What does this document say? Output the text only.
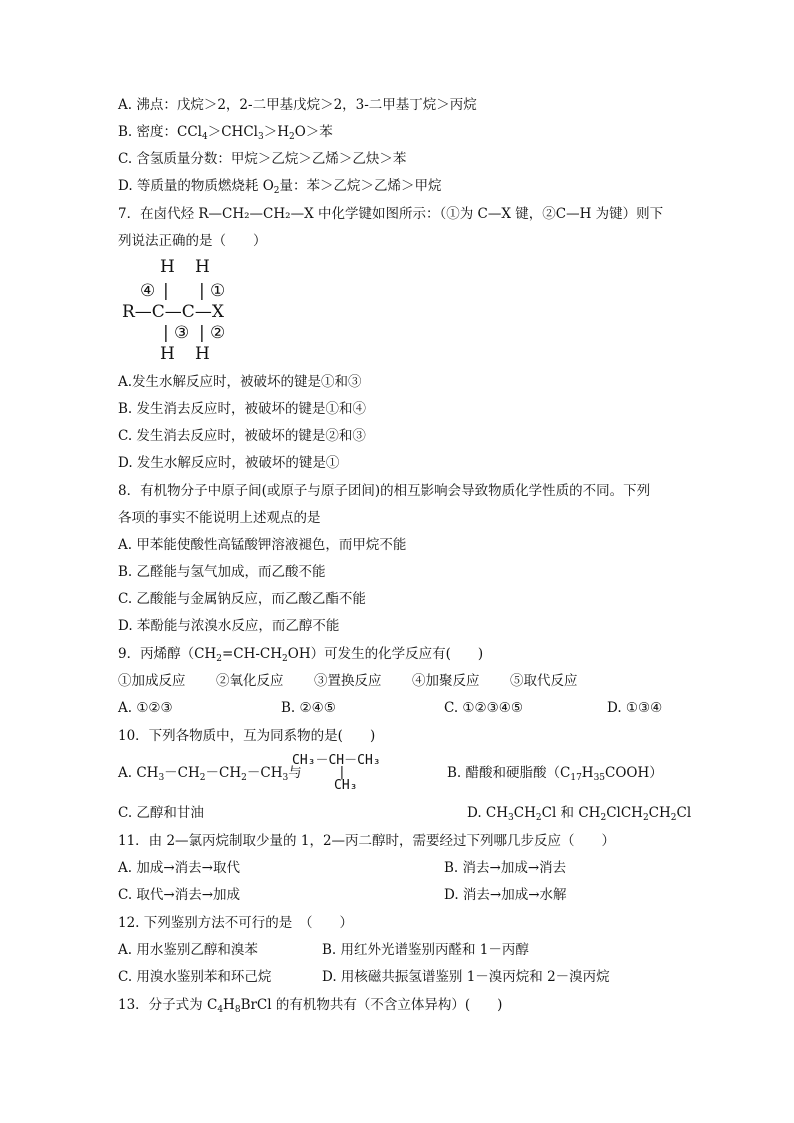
A. 沸点：戊烷＞2，2-二甲基戊烷＞2，3-二甲基丁烷＞丙烷
B. 密度：$CCl_4>CHCl_3>H_2O>$苯
C. 含氢质量分数：甲烷＞乙烷＞乙烯＞乙炔＞苯
D. 等质量的物质燃烧耗 $O_2$量：苯＞乙烷＞乙烯＞甲烷
7．在卤代烃 R—CH₂—CH₂—X 中化学键如图所示：（①为 C—X 键，②C—H 为键）则下
列说法正确的是（　　）
H H
④ | | ①
R—C—C—X
| ③ | ②
H H
A.发生水解反应时，被破坏的键是①和③
B. 发生消去反应时，被破坏的键是①和④
C. 发生消去反应时，被破坏的键是②和③
D. 发生水解反应时，被破坏的键是①
8．有机物分子中原子间(或原子与原子团间)的相互影响会导致物质化学性质的不同。下列
各项的事实不能说明上述观点的是
A. 甲苯能使酸性高锰酸钾溶液褪色，而甲烷不能
B. 乙醛能与氢气加成，而乙酸不能
C. 乙酸能与金属钠反应，而乙酸乙酯不能
D. 苯酚能与浓溴水反应，而乙醇不能
9．丙烯醇$(CH_2=CH-CH_2OH)$可发生的化学反应有(　　)
①加成反应 ②氧化反应 ③置换反应 ④加聚反应 ⑤取代反应
A. ①②③	B. ②④⑤	C. ①②③④⑤	D. ①③④
10．下列各物质中，互为同系物的是(　　)
A. $CH_3-CH_2-CH_2-CH_3$与
CH₃－CH－CH₃
|
CH₃
B. 醋酸和硬脂酸$(C_{17}H_{35}COOH)$
C. 乙醇和甘油	D. $CH_3CH_2Cl$ 和 $CH_2ClCH_2CH_2Cl$
11．由 2—氯丙烷制取少量的 1，2—丙二醇时，需要经过下列哪几步反应（　　）
A. 加成→消去→取代	B. 消去→加成→消去
C. 取代→消去→加成	D. 消去→加成→水解
12. 下列鉴别方法不可行的是　（　　）
A. 用水鉴别乙醇和溴苯	B. 用红外光谱鉴别丙醛和 1－丙醇
C. 用溴水鉴别苯和环己烷	D. 用核磁共振氢谱鉴别 1－溴丙烷和 2－溴丙烷
13．分子式为 $C_4H_8BrCl$ 的有机物共有（不含立体异构）(　　)
